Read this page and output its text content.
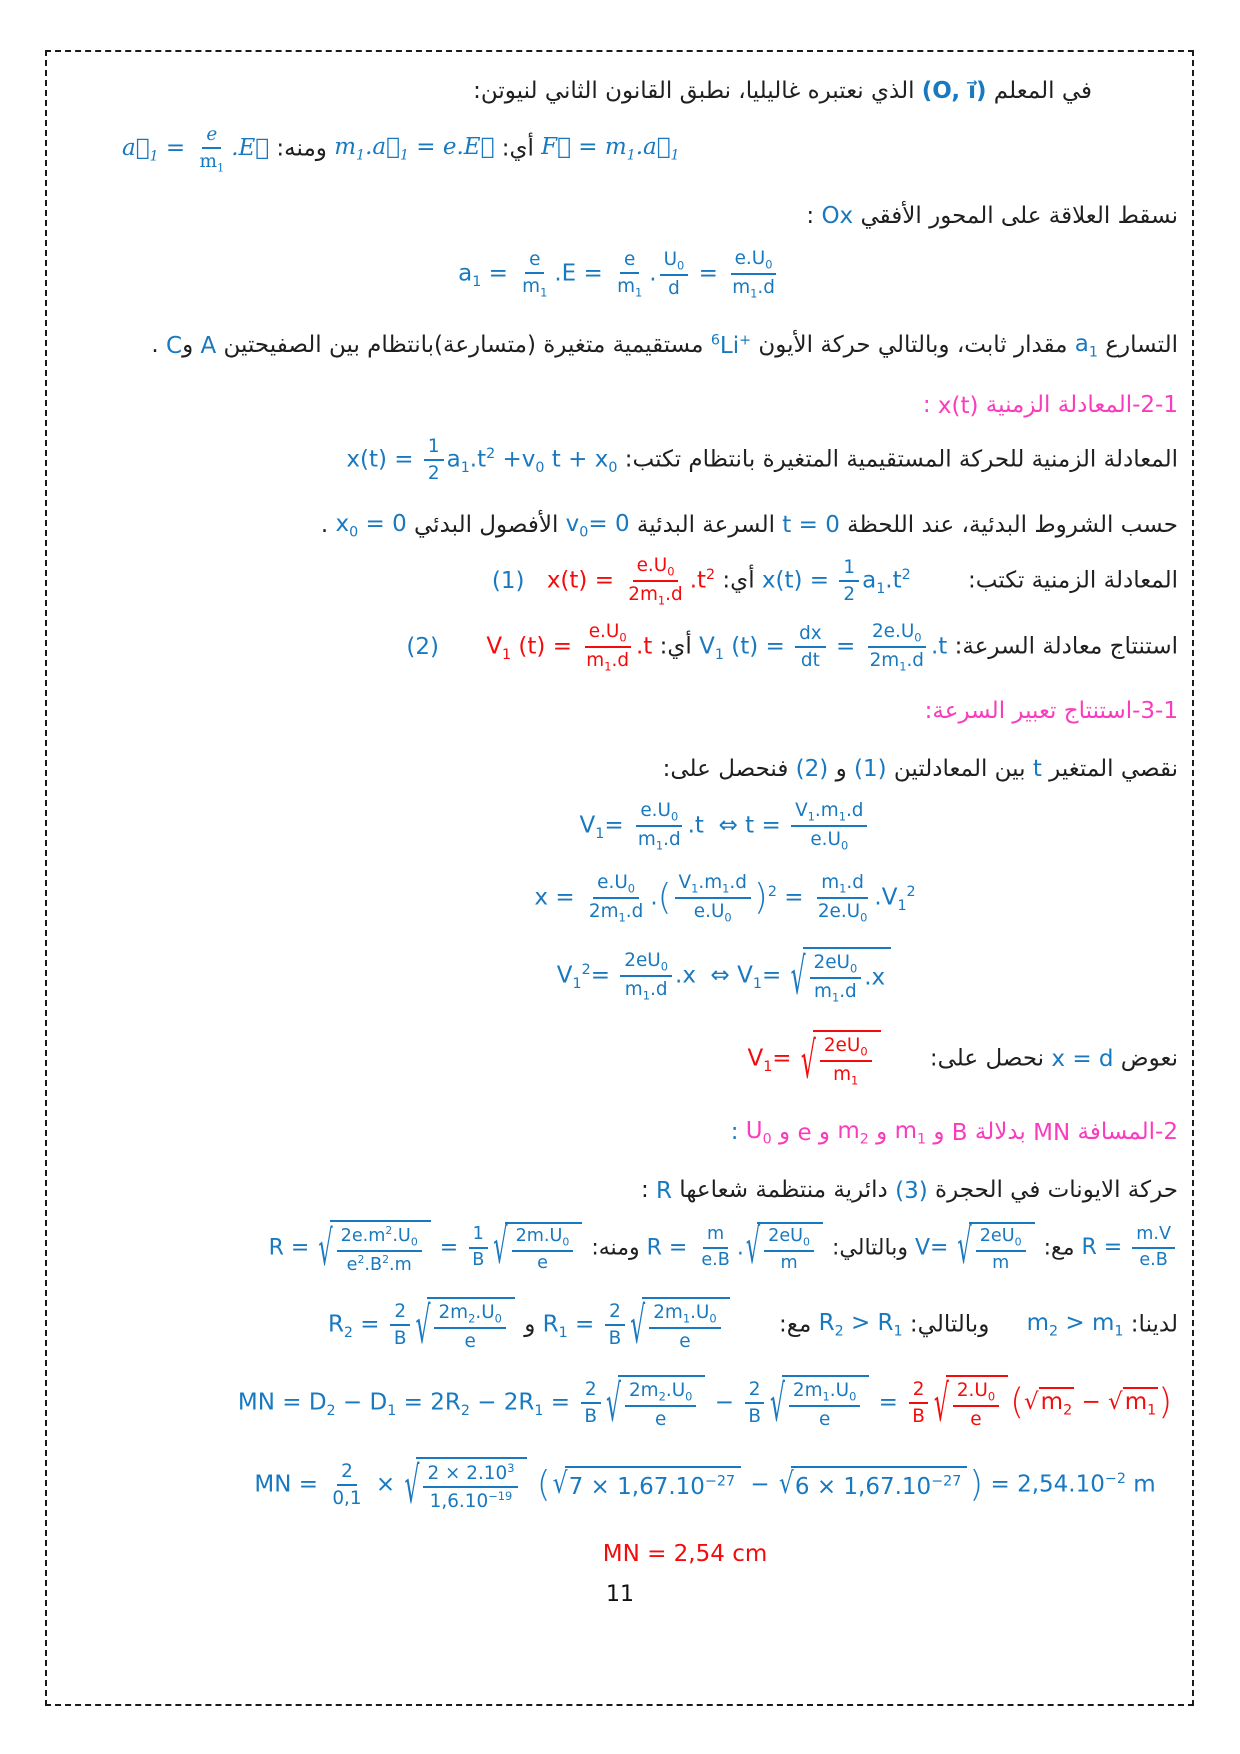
في المعلم (O, i⃗) الذي نعتبره غاليليا، نطبق القانون الثاني لنيوتن:
F⃗ = $m_1.a⃗_1$ أي: $m_1.a⃗_1$ = e.E⃗ ومنه: $a⃗_1 = \frac{e}{m_1}$ .E⃗
نسقط العلاقة على المحور الأفقي Ox :
$a_1 = \frac{e}{m_1} .E = \frac{e}{m_1}$ . $\frac{U_0}{d} = \frac{e.U_0}{m_1.d}$
التسارع $a_1$ مقدار ثابت، وبالتالي حركة الأيون $^6$Li+ مستقيمية متغيرة (متسارعة)بانتظام بين الصفيحتين A وC .
2-1-المعادلة الزمنية x(t) :
المعادلة الزمنية للحركة المستقيمية المتغيرة بانتظام تكتب: $x(t) = \frac{1}{2} a_1.t^2 +v_0$ $t + x_0$
حسب الشروط البدئية، عند اللحظة t = 0 السرعة البدئية $v_0= 0$ الأفصول البدئي $x_0 = 0$ .
المعادلة الزمنية تكتب: $x(t) = \frac{1}{2} a_1.t^2$ أي: $x(t) = \frac{e.U_0}{2m_1.d} .t^2$ (1)
استنتاج معادلة السرعة: $V_1$ $(t) = \frac{dx}{dt} = \frac{2e.U_0}{2m_1.d} .t$ أي: $V_1$ $(t) = \frac{e.U_0}{m_1.d} .t$ (2)
3-1-استنتاج تعبير السرعة:
نقصي المتغير t بين المعادلتين (1) و (2) فنحصل على:
$V_1= \frac{e.U_0}{m_1.d} .t$  ⇔ $t = \frac{V_1.m_1.d}{e.U_0}$
$x = \frac{e.U_0}{2m_1.d}$ .( $\frac{V_1.m_1.d}{e.U_0} )^2 = \frac{m_1.d}{2e.U_0} .V_1^2$
$V_1^2= \frac{2eU_0}{m_1.d} .x$  ⇔ $V_1=$ √ $\frac{2eU_0}{m_1.d} .x$
نعوض x = d نحصل على: $V_1=$ √ $\frac{2eU_0}{m_1}$
2-المسافة MN بدلالة B و $m_1$ و $m_2$ و e و $U_0$ :
حركة الايونات في الحجرة (3) دائرية منتظمة شعاعها R :
$R = \frac{m.V}{e.B}$
مع: V= √ $\frac{2eU_0}{m}$
وبالتالي: $R = \frac{m}{e.B}$ . √ $\frac{2eU_0}{m}$
ومنه: R = √ $\frac{2e.m^2.U_0}{e^2.B^2.m} = \frac{1}{B}$ √ $\frac{2m.U_0}{e}$
لدينا: $m_2 > m_1$ وبالتالي: $R_2 > R_1$ مع: $R_1 = \frac{2}{B}$ √ $\frac{2m_1.U_0}{e}$
و $R_2 = \frac{2}{B}$ √ $\frac{2m_2.U_0}{e}$
MN = $D_2 - D_1 = 2R_2 - 2R_1 = \frac{2}{B}$ √ $\frac{2m_2.U_0}{e} - \frac{2}{B}$ √ $\frac{2m_1.U_0}{e} = \frac{2}{B}$ √ $\frac{2.U_0}{e} (√m_2 - √m_1)$
MN = $\frac{2}{0,1}$ × √ $\frac{2 \times 2.10^3}{1,6.10^{-19}}$ ( √ $7 \times 1,67.10^{-27}$ − √ $6 \times 1,67.10^{-27}$ ) = $2,54.10^{-2}$ m
MN = 2,54 cm
11
